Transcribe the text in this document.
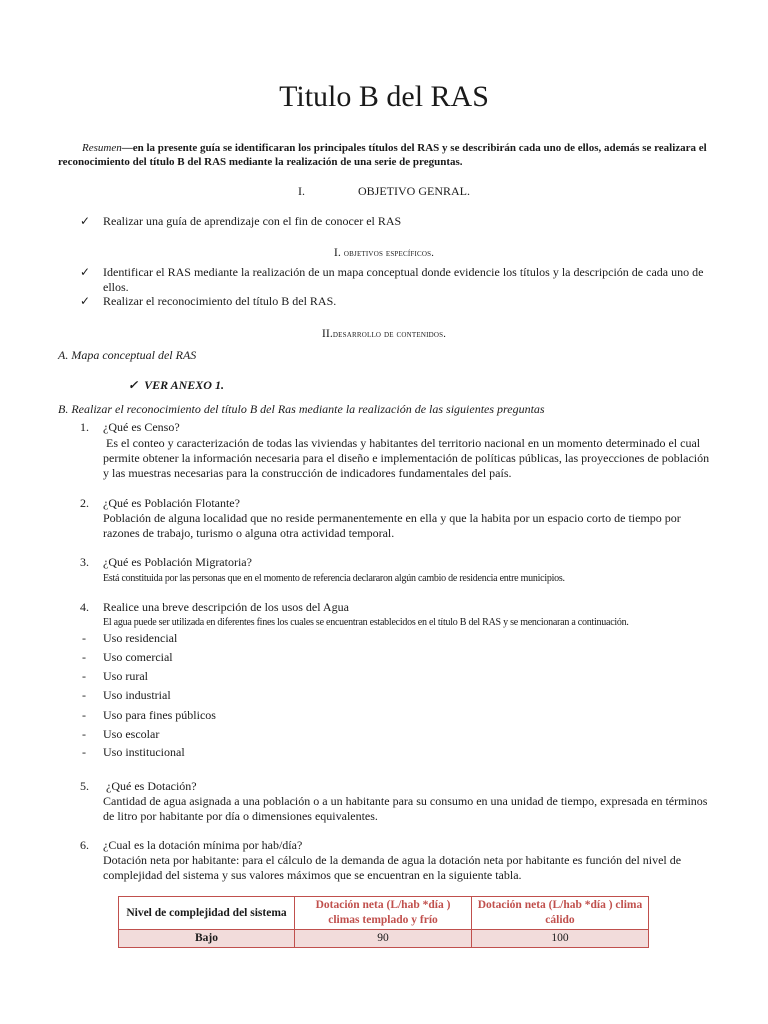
Titulo B del RAS
Resumen—en la presente guía se identificaran los principales títulos del RAS y se describirán cada uno de ellos, además se realizara el reconocimiento del título B del RAS mediante la realización de una serie de preguntas.
I.	OBJETIVO GENRAL.
✓ Realizar una guía de aprendizaje con el fin de conocer el RAS
I. objetivos específicos.
✓ Identificar el RAS mediante la realización de un mapa conceptual donde evidencie los títulos y la descripción de cada uno de ellos.
✓ Realizar el reconocimiento del título B del RAS.
II.desarrollo de contenidos.
A. Mapa conceptual del RAS
✓ VER ANEXO 1.
B. Realizar el reconocimiento del título B del Ras mediante la realización de las siguientes preguntas
1. ¿Qué es Censo?
Es el conteo y caracterización de todas las viviendas y habitantes del territorio nacional en un momento determinado el cual permite obtener la información necesaria para el diseño e implementación de políticas públicas, las proyecciones de población y las muestras necesarias para la construcción de indicadores fundamentales del país.
2. ¿Qué es Población Flotante?
Población de alguna localidad que no reside permanentemente en ella y que la habita por un espacio corto de tiempo por razones de trabajo, turismo o alguna otra actividad temporal.
3. ¿Qué es Población Migratoria?
Está constituida por las personas que en el momento de referencia declararon algún cambio de residencia entre municipios.
4. Realice una breve descripción de los usos del Agua
El agua puede ser utilizada en diferentes fines los cuales se encuentran establecidos en el título B del RAS y se mencionaran a continuación.
- Uso residencial
- Uso comercial
- Uso rural
- Uso industrial
- Uso para fines públicos
- Uso escolar
- Uso institucional
5. ¿Qué es Dotación?
Cantidad de agua asignada a una población o a un habitante para su consumo en una unidad de tiempo, expresada en términos de litro por habitante por día o dimensiones equivalentes.
6. ¿Cual es la dotación mínima por hab/día?
Dotación neta por habitante: para el cálculo de la demanda de agua la dotación neta por habitante es función del nivel de complejidad del sistema y sus valores máximos que se encuentran en la siguiente tabla.
Nivel de complejidad del sistema	Dotación neta (L/hab *día ) climas templado y frío	Dotación neta (L/hab *día ) clima cálido
Bajo	90	100
